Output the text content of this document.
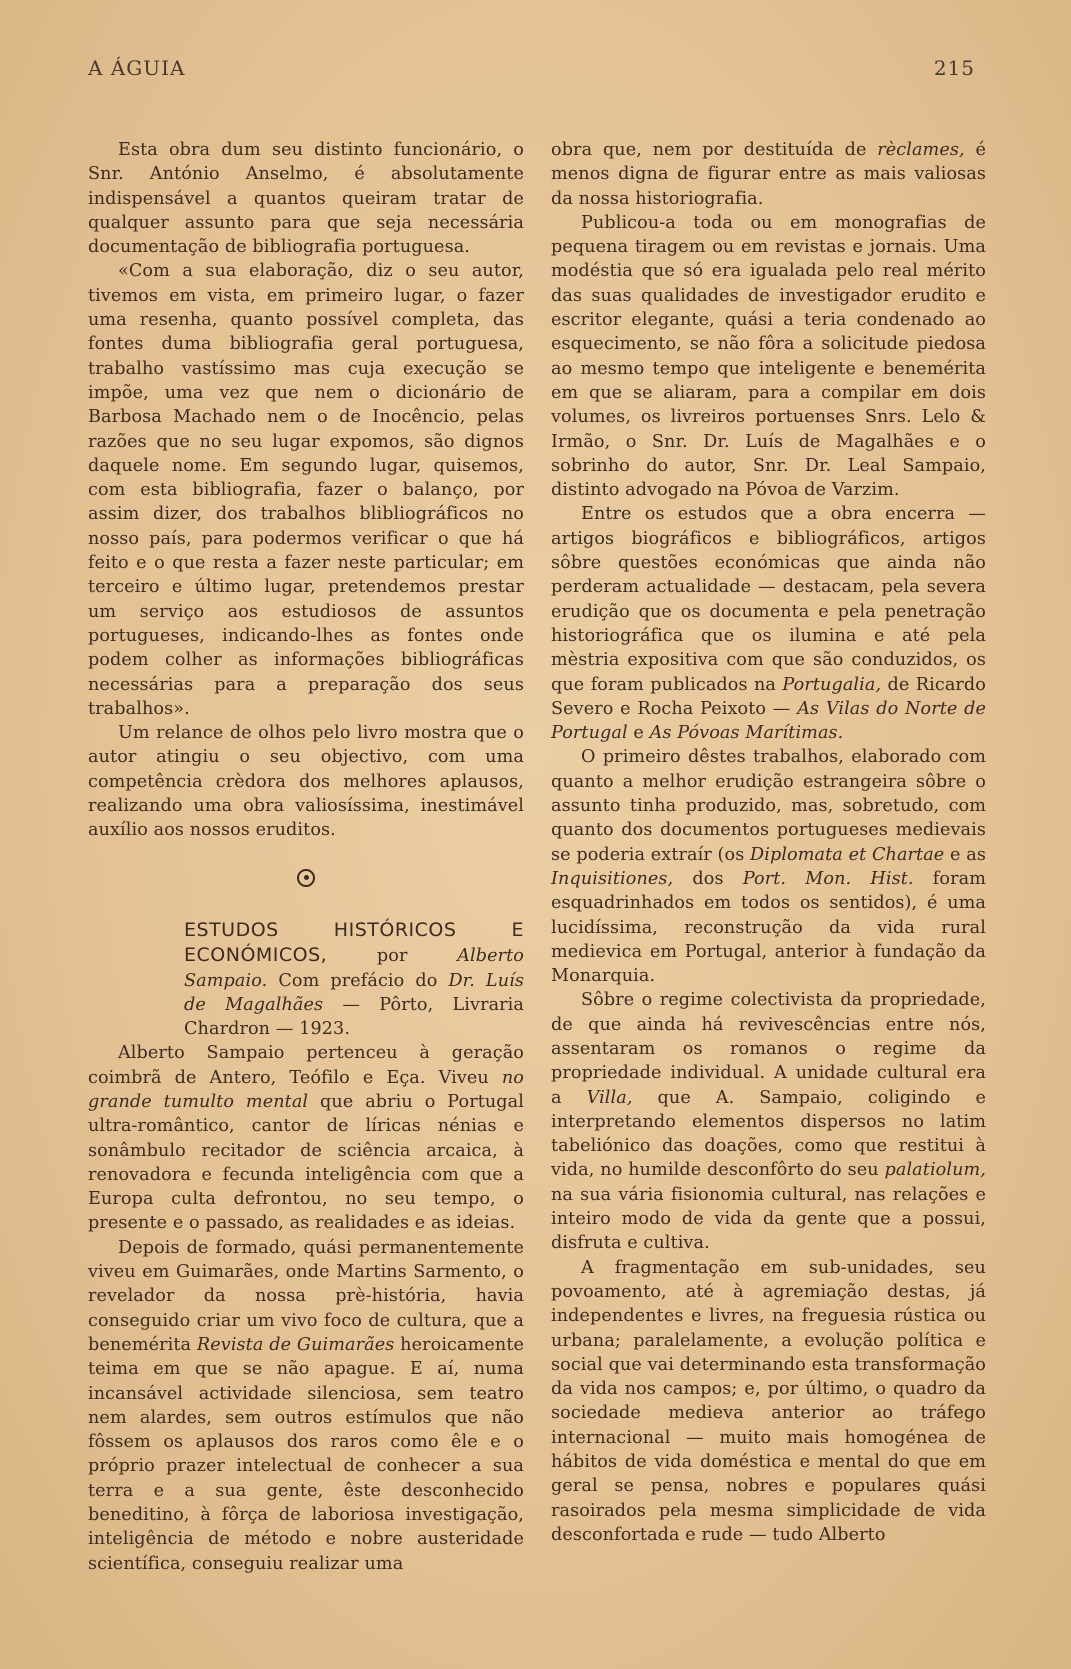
A ÁGUIA	215

Esta obra dum seu distinto funcionário, o Snr. António Anselmo, é absolutamente indispensável a quantos queiram tratar de qualquer assunto para que seja necessária documentação de bibliografia portuguesa.

«Com a sua elaboração, diz o seu autor, tivemos em vista, em primeiro lugar, o fazer uma resenha, quanto possível completa, das fontes duma bibliografia geral portuguesa, trabalho vastíssimo mas cuja execução se impõe, uma vez que nem o dicionário de Barbosa Machado nem o de Inocêncio, pelas razões que no seu lugar expomos, são dignos daquele nome. Em segundo lugar, quisemos, com esta bibliografia, fazer o balanço, por assim dizer, dos trabalhos blibliográficos no nosso país, para podermos verificar o que há feito e o que resta a fazer neste particular; em terceiro e último lugar, pretendemos prestar um serviço aos estudiosos de assuntos portugueses, indicando-lhes as fontes onde podem colher as informações bibliográficas necessárias para a preparação dos seus trabalhos».

Um relance de olhos pelo livro mostra que o autor atingiu o seu objectivo, com uma competência crèdora dos melhores aplausos, realizando uma obra valiosíssima, inestimável auxílio aos nossos eruditos.

ESTUDOS HISTÓRICOS E ECONÓMICOS,	por	Alberto Sampaio. Com prefácio do Dr. Luís de Magalhães — Pôrto, Livraria Chardron — 1923.

Alberto Sampaio pertenceu à geração coimbrã de Antero, Teófilo e Eça. Viveu no grande tumulto mental que abriu o Portugal ultra-romântico, cantor de líricas nénias e sonâmbulo recitador de sciência arcaica, à renovadora e fecunda inteligência com que a Europa culta defrontou, no seu tempo, o presente e o passado, as realidades e as ideias.

Depois de formado, quási permanentemente viveu em Guimarães, onde Martins Sarmento, o revelador da nossa prè-história, havia conseguido criar um vivo foco de cultura, que a benemérita Revista de Guimarães heroicamente teima em que se não apague. E aí, numa incansável actividade silenciosa, sem teatro nem alardes, sem outros estímulos que não fôssem os aplausos dos raros como êle e o próprio prazer intelectual de conhecer a sua terra e a sua gente, êste desconhecido beneditino, à fôrça de laboriosa investigação, inteligência de método e nobre austeridade scientífica, conseguiu realizar uma

obra que, nem por destituída de rèclames, é menos digna de figurar entre as mais valiosas da nossa historiografia.

Publicou-a toda ou em monografias de pequena tiragem ou em revistas e jornais. Uma modéstia que só era igualada pelo real mérito das suas qualidades de investigador erudito e escritor elegante, quási a teria condenado ao esquecimento, se não fôra a solicitude piedosa ao mesmo tempo que inteligente e benemérita em que se aliaram, para a compilar em dois volumes, os livreiros portuenses Snrs. Lelo & Irmão, o Snr. Dr. Luís de Magalhães e o sobrinho do autor, Snr. Dr. Leal Sampaio, distinto advogado na Póvoa de Varzim.

Entre os estudos que a obra encerra — artigos biográficos e bibliográficos, artigos sôbre questões económicas que ainda não perderam actualidade — destacam, pela severa erudição que os documenta e pela penetração historiográfica que os ilumina e até pela mèstria expositiva com que são conduzidos, os que foram publicados na Portugalia, de Ricardo Severo e Rocha Peixoto — As Vilas do Norte de Portugal e As Póvoas Marítimas.

O primeiro dêstes trabalhos, elaborado com quanto a melhor erudição estrangeira sôbre o assunto tinha produzido, mas, sobretudo, com quanto dos documentos portugueses medievais se poderia extraír (os Diplomata et Chartae e as Inquisitiones, dos Port. Mon. Hist. foram esquadrinhados em todos os sentidos), é uma lucidíssima, reconstrução da vida rural medievica em Portugal, anterior à fundação da Monarquia.

Sôbre o regime colectivista da propriedade, de que ainda há revivescências entre nós, assentaram os romanos o regime da propriedade individual. A unidade cultural era a Villa, que A. Sampaio, coligindo e interpretando elementos dispersos no latim tabeliónico das doações, como que restitui à vida, no humilde desconfôrto do seu palatiolum, na sua vária fisionomia cultural, nas relações e inteiro modo de vida da gente que a possui, disfruta e cultiva.

A fragmentação em sub-unidades, seu povoamento, até à agremiação destas, já independentes e livres, na freguesia rústica ou urbana; paralelamente, a evolução política e social que vai determinando esta transformação da vida nos campos; e, por último, o quadro da sociedade medieva anterior ao tráfego internacional — muito mais homogénea de hábitos de vida doméstica e mental do que em geral se pensa, nobres e populares quási rasoirados pela mesma simplicidade de vida desconfortada e rude — tudo Alberto
